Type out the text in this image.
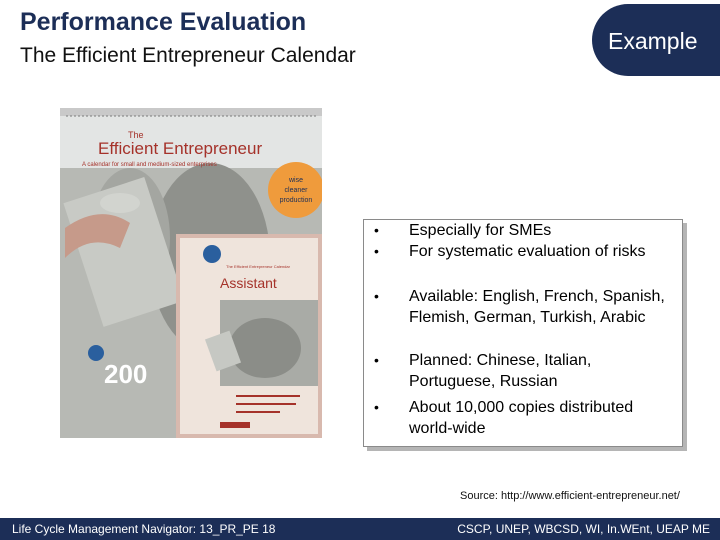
Performance Evaluation
The Efficient Entrepreneur Calendar
Example
wise
cleaner
production
200
The
Efficient Entrepreneur
A calendar for small and medium-sized enterprises
The Efficient Entrepreneur Calendar
Assistant
• Especially for SMEs
• For systematic evaluation of risks
• Available: English, French, Spanish, Flemish, German, Turkish, Arabic
• Planned: Chinese, Italian, Portuguese, Russian
• About 10,000 copies distributed world-wide
Source: http://www.efficient-entrepreneur.net/
Life Cycle Management Navigator: 13_PR_PE 18	CSCP, UNEP, WBCSD, WI, In.WEnt, UEAP ME
